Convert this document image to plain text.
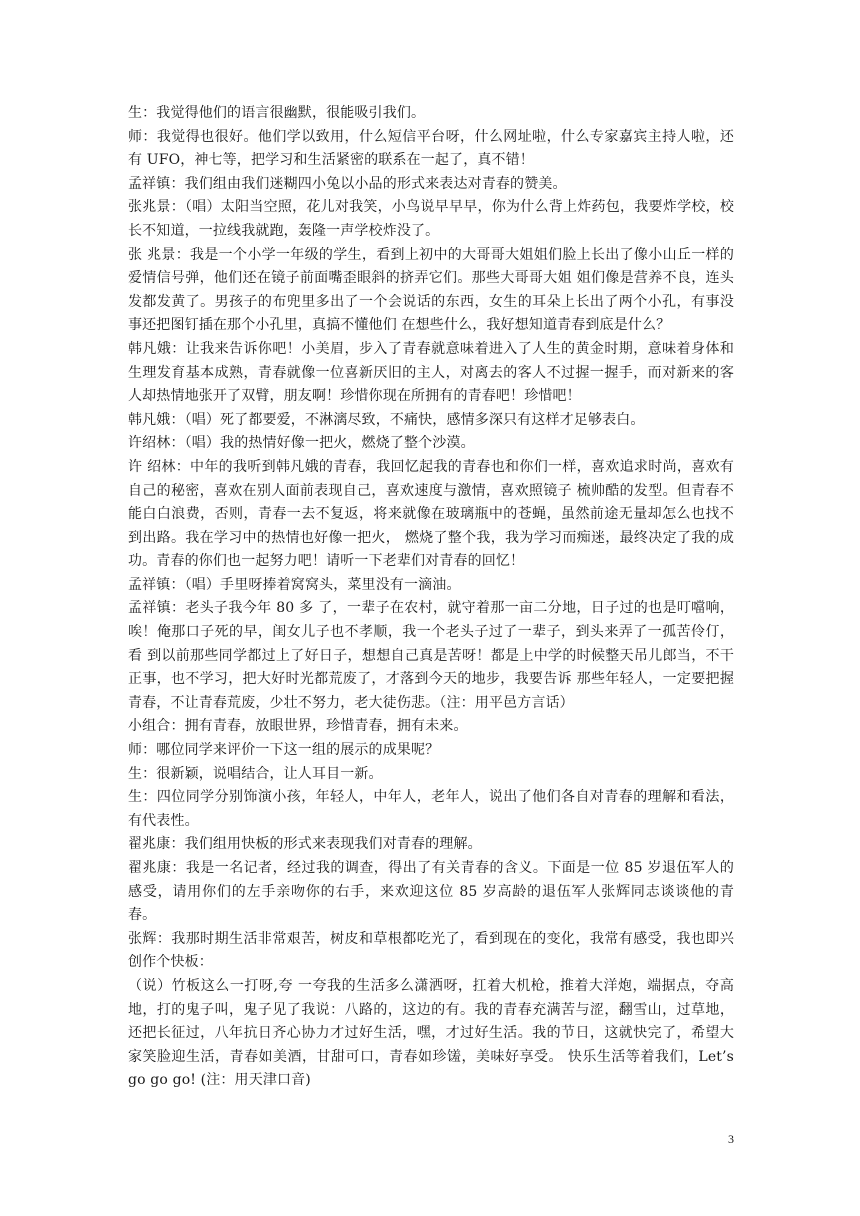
生：我觉得他们的语言很幽默，很能吸引我们。

师：我觉得也很好。他们学以致用，什么短信平台呀，什么网址啦，什么专家嘉宾主持人啦，还有 UFO，神七等，把学习和生活紧密的联系在一起了，真不错！

孟祥镇：我们组由我们迷糊四小兔以小品的形式来表达对青春的赞美。

张兆景：（唱）太阳当空照，花儿对我笑，小鸟说早早早，你为什么背上炸药包，我要炸学校，校长不知道，一拉线我就跑，轰隆一声学校炸没了。

张 兆景：我是一个小学一年级的学生，看到上初中的大哥哥大姐姐们脸上长出了像小山丘一样的爱情信号弹，他们还在镜子前面嘴歪眼斜的挤弄它们。那些大哥哥大姐 姐们像是营养不良，连头发都发黄了。男孩子的布兜里多出了一个会说话的东西，女生的耳朵上长出了两个小孔，有事没事还把图钉插在那个小孔里，真搞不懂他们 在想些什么，我好想知道青春到底是什么？

韩凡娥：让我来告诉你吧！小美眉，步入了青春就意味着进入了人生的黄金时期，意味着身体和生理发育基本成熟，青春就像一位喜新厌旧的主人，对离去的客人不过握一握手，而对新来的客人却热情地张开了双臂，朋友啊！珍惜你现在所拥有的青春吧！珍惜吧！

韩凡娥：（唱）死了都要爱，不淋漓尽致，不痛快，感情多深只有这样才足够表白。

许绍林：（唱）我的热情好像一把火，燃烧了整个沙漠。

许 绍林：中年的我听到韩凡娥的青春，我回忆起我的青春也和你们一样，喜欢追求时尚，喜欢有自己的秘密，喜欢在别人面前表现自己，喜欢速度与激情，喜欢照镜子 梳帅酷的发型。但青春不能白白浪费，否则，青春一去不复返，将来就像在玻璃瓶中的苍蝇，虽然前途无量却怎么也找不到出路。我在学习中的热情也好像一把火， 燃烧了整个我，我为学习而痴迷，最终决定了我的成功。青春的你们也一起努力吧！请听一下老辈们对青春的回忆！

孟祥镇：（唱）手里呀捧着窝窝头，菜里没有一滴油。

孟祥镇：老头子我今年 80 多 了，一辈子在农村，就守着那一亩二分地，日子过的也是叮噹响，唉！俺那口子死的早，闺女儿子也不孝顺，我一个老头子过了一辈子，到头来弄了一孤苦伶仃，看 到以前那些同学都过上了好日子，想想自己真是苦呀！都是上中学的时候整天吊儿郎当，不干正事，也不学习，把大好时光都荒废了，才落到今天的地步，我要告诉 那些年轻人，一定要把握青春，不让青春荒废，少壮不努力，老大徒伤悲。（注：用平邑方言话）

小组合：拥有青春，放眼世界，珍惜青春，拥有未来。

师：哪位同学来评价一下这一组的展示的成果呢？

生：很新颖，说唱结合，让人耳目一新。

生：四位同学分别饰演小孩，年轻人，中年人，老年人，说出了他们各自对青春的理解和看法，有代表性。

翟兆康：我们组用快板的形式来表现我们对青春的理解。

翟兆康：我是一名记者，经过我的调查，得出了有关青春的含义。下面是一位 85 岁退伍军人的感受，请用你们的左手亲吻你的右手，来欢迎这位 85 岁高龄的退伍军人张辉同志谈谈他的青春。

张辉：我那时期生活非常艰苦，树皮和草根都吃光了，看到现在的变化，我常有感受，我也即兴创作个快板：

（说）竹板这么一打呀,夸 一夸我的生活多么潇洒呀，扛着大机枪，推着大洋炮，端据点，夺高地，打的鬼子叫，鬼子见了我说：八路的，这边的有。我的青春充满苦与涩，翻雪山，过草地， 还把长征过，八年抗日齐心协力才过好生活，嘿，才过好生活。我的节日，这就快完了，希望大家笑脸迎生活，青春如美酒，甘甜可口，青春如珍馐，美味好享受。 快乐生活等着我们，Let’s go go go! (注：用天津口音)

3
